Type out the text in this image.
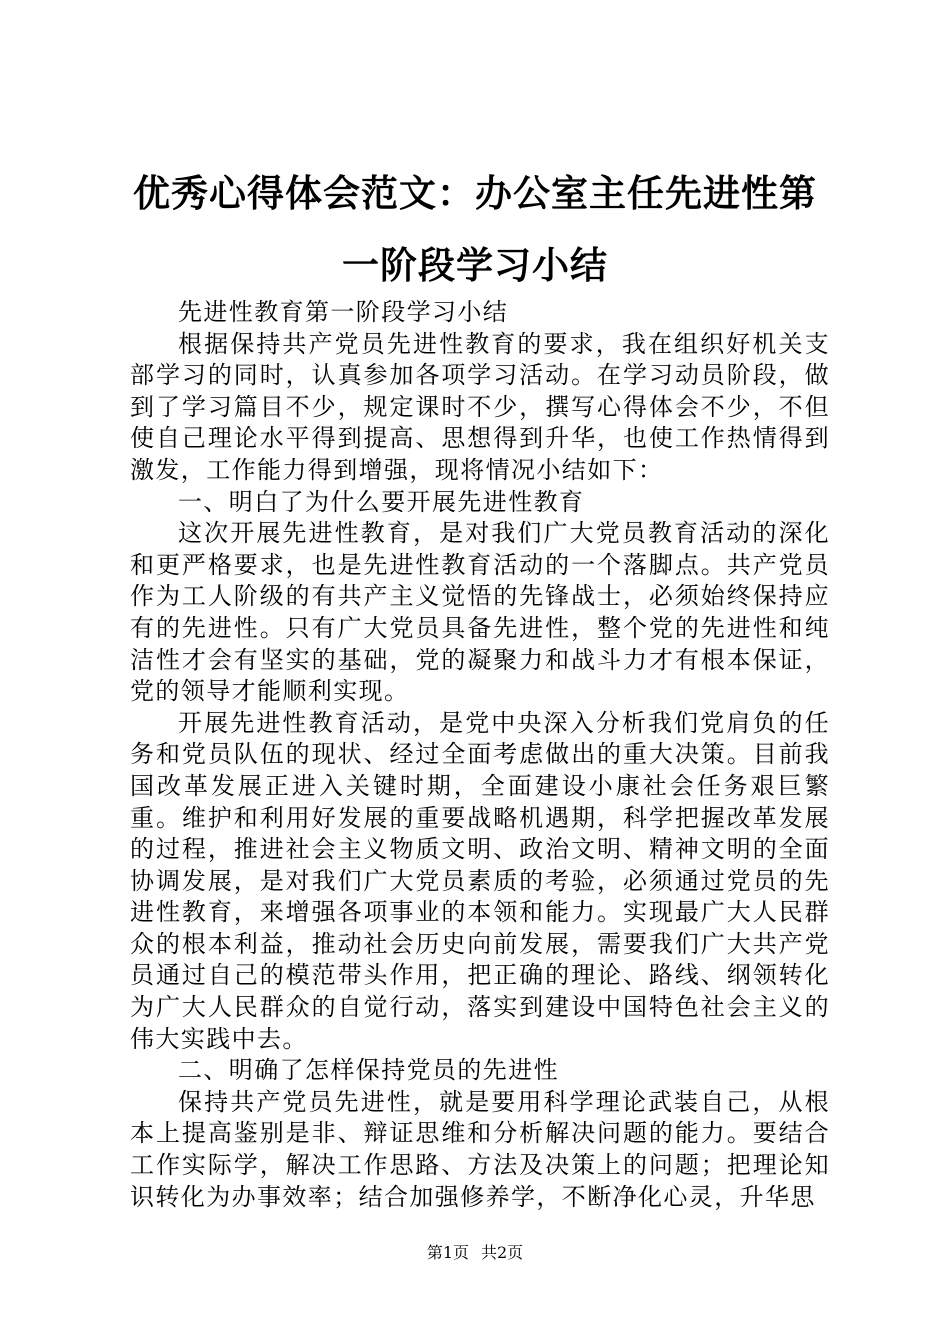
优秀心得体会范文：办公室主任先进性第一阶段学习小结

先进性教育第一阶段学习小结

根据保持共产党员先进性教育的要求，我在组织好机关支部学习的同时，认真参加各项学习活动。在学习动员阶段，做到了学习篇目不少，规定课时不少，撰写心得体会不少，不但使自己理论水平得到提高、思想得到升华，也使工作热情得到激发，工作能力得到增强，现将情况小结如下：

一、明白了为什么要开展先进性教育

这次开展先进性教育，是对我们广大党员教育活动的深化和更严格要求，也是先进性教育活动的一个落脚点。共产党员作为工人阶级的有共产主义觉悟的先锋战士，必须始终保持应有的先进性。只有广大党员具备先进性，整个党的先进性和纯洁性才会有坚实的基础，党的凝聚力和战斗力才有根本保证，党的领导才能顺利实现。

开展先进性教育活动，是党中央深入分析我们党肩负的任务和党员队伍的现状、经过全面考虑做出的重大决策。目前我国改革发展正进入关键时期，全面建设小康社会任务艰巨繁重。维护和利用好发展的重要战略机遇期，科学把握改革发展的过程，推进社会主义物质文明、政治文明、精神文明的全面协调发展，是对我们广大党员素质的考验，必须通过党员的先进性教育，来增强各项事业的本领和能力。实现最广大人民群众的根本利益，推动社会历史向前发展，需要我们广大共产党员通过自己的模范带头作用，把正确的理论、路线、纲领转化为广大人民群众的自觉行动，落实到建设中国特色社会主义的伟大实践中去。

二、明确了怎样保持党员的先进性

保持共产党员先进性，就是要用科学理论武装自己，从根本上提高鉴别是非、辩证思维和分析解决问题的能力。要结合工作实际学，解决工作思路、方法及决策上的问题；把理论知识转化为办事效率；结合加强修养学，不断净化心灵，升华思

第1页 共2页
